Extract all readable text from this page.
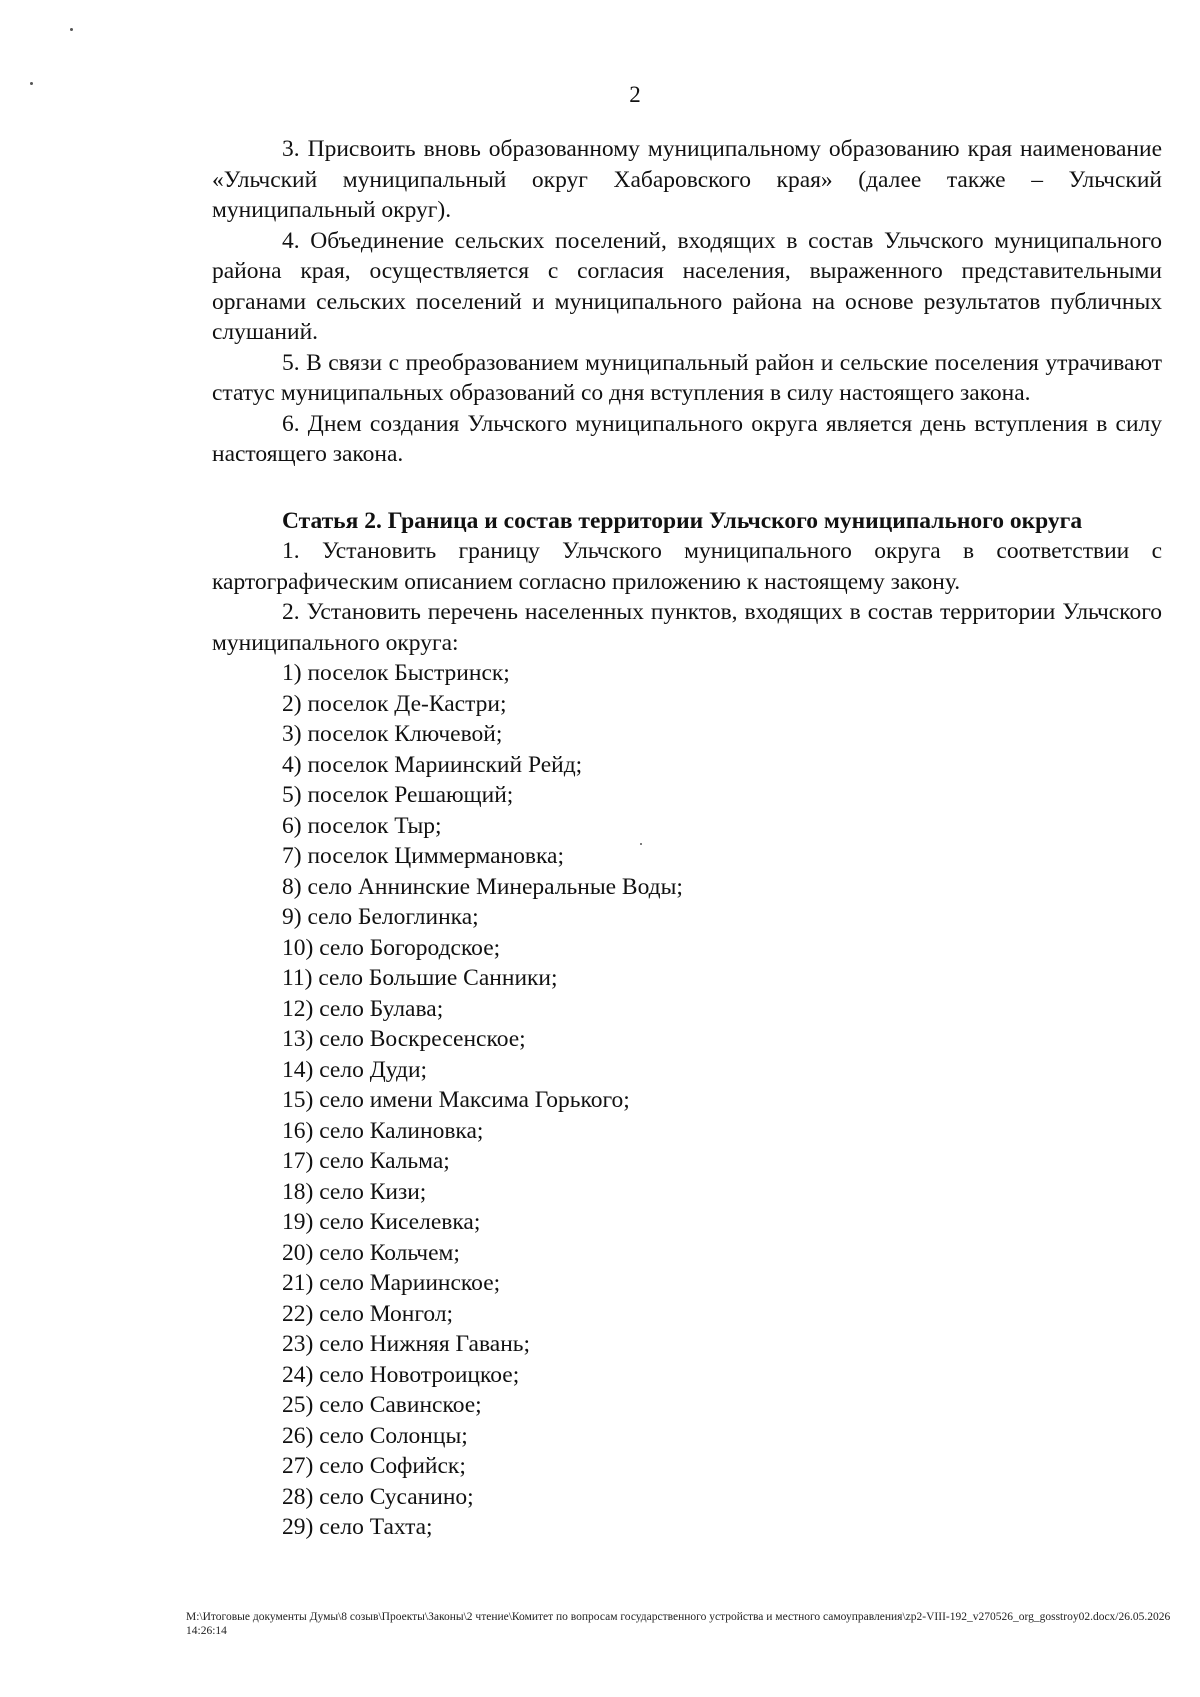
2

3. Присвоить вновь образованному муниципальному образованию края наименование «Ульчский муниципальный округ Хабаровского края» (далее также – Ульчский муниципальный округ).

4. Объединение сельских поселений, входящих в состав Ульчского муниципального района края, осуществляется с согласия населения, выраженного представительными органами сельских поселений и муниципального района на основе результатов публичных слушаний.

5. В связи с преобразованием муниципальный район и сельские поселения утрачивают статус муниципальных образований со дня вступления в силу настоящего закона.

6. Днем создания Ульчского муниципального округа является день вступления в силу настоящего закона.

Статья 2. Граница и состав территории Ульчского муниципального округа

1. Установить границу Ульчского муниципального округа в соответствии с картографическим описанием согласно приложению к настоящему закону.

2. Установить перечень населенных пунктов, входящих в состав территории Ульчского муниципального округа:

1) поселок Быстринск;
2) поселок Де-Кастри;
3) поселок Ключевой;
4) поселок Мариинский Рейд;
5) поселок Решающий;
6) поселок Тыр;
7) поселок Циммермановка;
8) село Аннинские Минеральные Воды;
9) село Белоглинка;
10) село Богородское;
11) село Большие Санники;
12) село Булава;
13) село Воскресенское;
14) село Дуди;
15) село имени Максима Горького;
16) село Калиновка;
17) село Кальма;
18) село Кизи;
19) село Киселевка;
20) село Кольчем;
21) село Мариинское;
22) село Монгол;
23) село Нижняя Гавань;
24) село Новотроицкое;
25) село Савинское;
26) село Солонцы;
27) село Софийск;
28) село Сусанино;
29) село Тахта;
M:\Итоговые документы Думы\8 созыв\Проекты\Законы\2 чтение\Комитет по вопросам государственного устройства и местного самоуправления\zp2-VIII-192_v270526_org_gosstroy02.docx/26.05.2026 14:26:14
